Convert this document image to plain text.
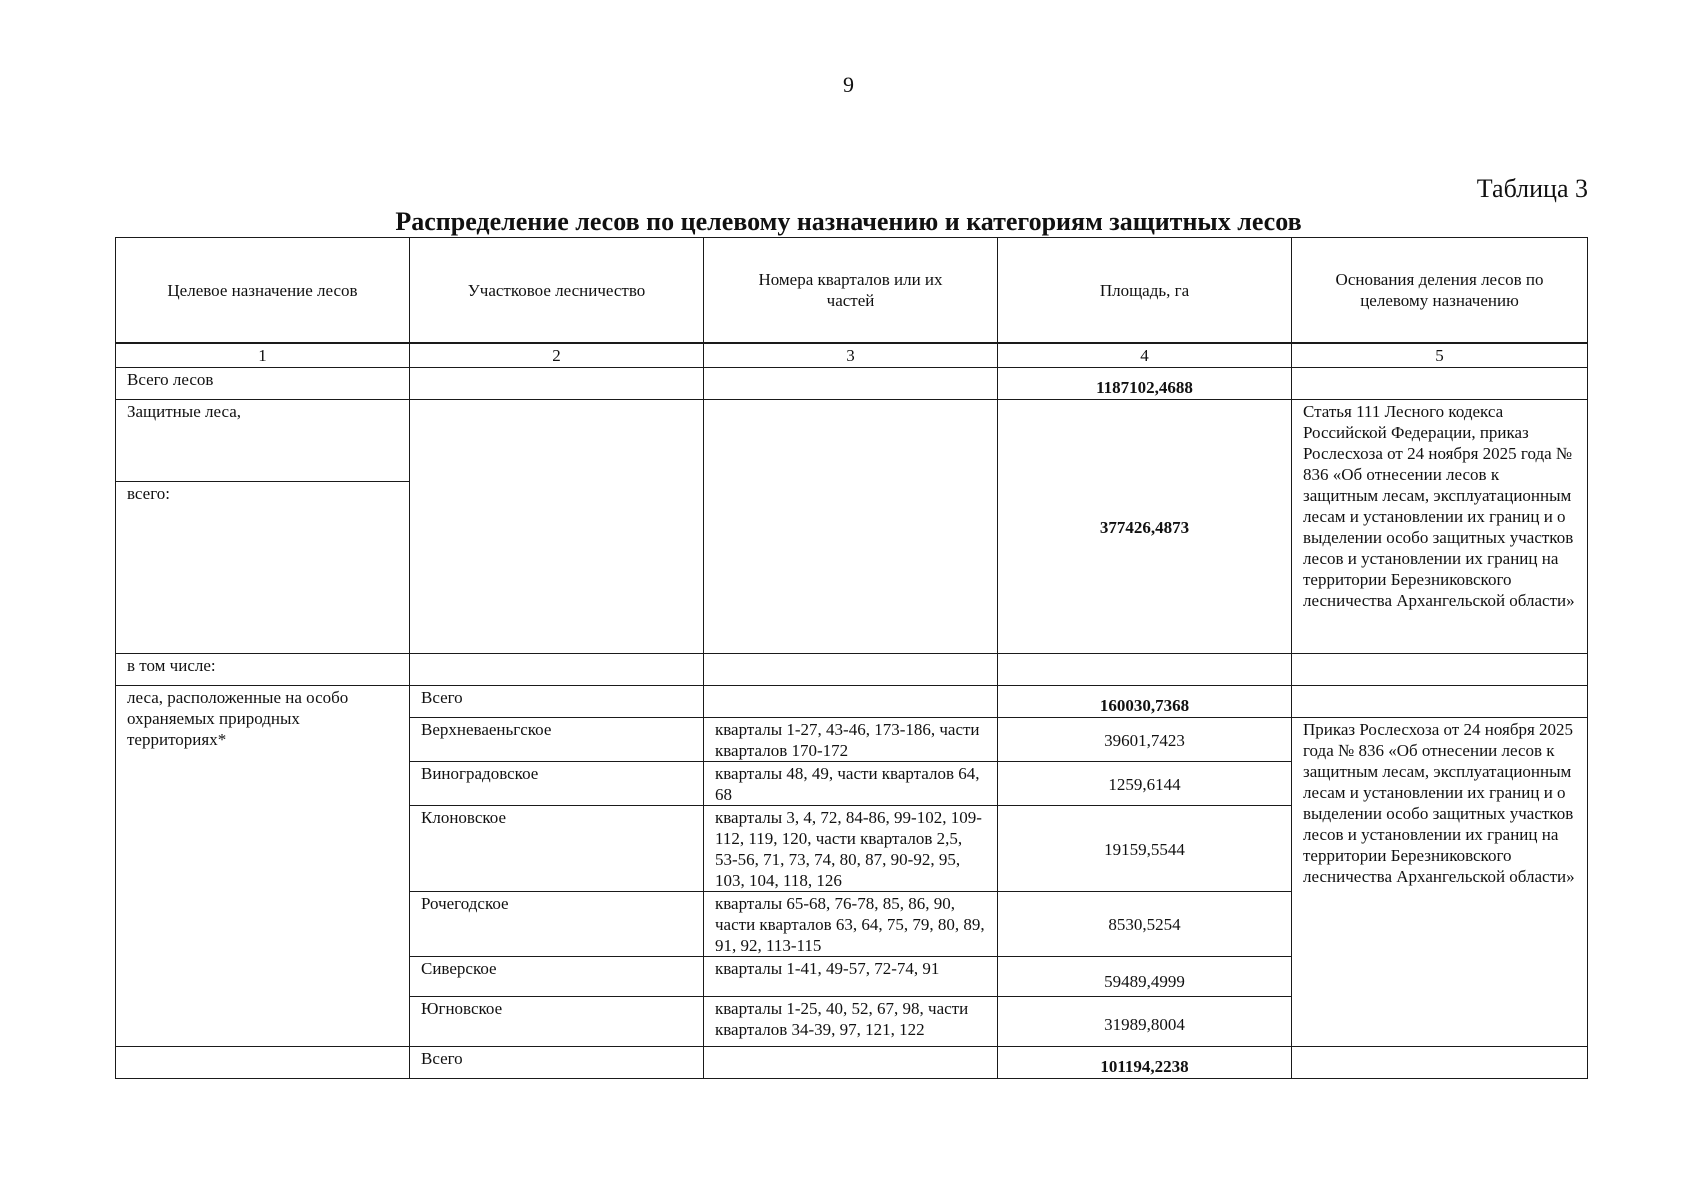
9
Таблица 3
Распределение лесов по целевому назначению и категориям защитных лесов
Целевое назначение лесов	Участковое лесничество	Номера кварталов или их частей	Площадь, га	Основания деления лесов по целевому назначению
1	2	3	4	5
Всего лесов			1187102,4688	

Защитные леса,
всего:			377426,4873	Статья 111 Лесного кодекса Российской Федерации, приказ Рослесхоза от 24 ноября 2025 года № 836 «Об отнесении лесов к защитным лесам, эксплуатационным лесам и установлении их границ и о выделении особо защитных участков лесов и установлении их границ на территории Березниковского лесничества Архангельской области»
в том числе:				
леса, расположенные на особо охраняемых природных территориях*	Всего		160030,7368	
	Верхневаеньгское	кварталы 1-27, 43-46, 173-186, части кварталов 170-172	39601,7423	Приказ Рослесхоза от 24 ноября 2025 года № 836 «Об отнесении лесов к защитным лесам, эксплуатационным лесам и установлении их границ и о выделении особо защитных участков лесов и установлении их границ на территории Березниковского лесничества Архангельской области»
	Виноградовское	кварталы 48, 49, части кварталов 64, 68	1259,6144	
	Клоновское	кварталы 3, 4, 72, 84-86, 99-102, 109-112, 119, 120, части кварталов 2,5, 53-56, 71, 73, 74, 80, 87, 90-92, 95, 103, 104, 118, 126	19159,5544	
	Рочегодское	кварталы 65-68, 76-78, 85, 86, 90, части кварталов 63, 64, 75, 79, 80, 89, 91, 92, 113-115	8530,5254	
	Сиверское	кварталы 1-41, 49-57, 72-74, 91	59489,4999	
	Югновское	кварталы 1-25, 40, 52, 67, 98, части кварталов 34-39, 97, 121, 122	31989,8004	
	Всего		101194,2238	
